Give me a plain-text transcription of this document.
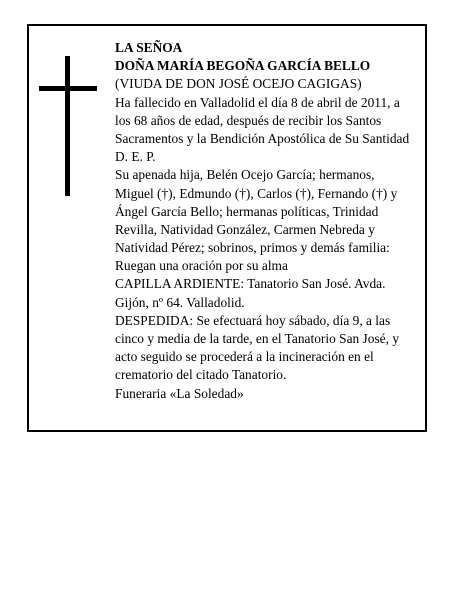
LA SEÑOA
DOÑA MARÍA BEGOÑA GARCÍA BELLO
(VIUDA DE DON JOSÉ OCEJO CAGIGAS)
Ha fallecido en Valladolid el día 8 de abril de 2011, a
los 68 años de edad, después de recibir los Santos
Sacramentos y la Bendición Apostólica de Su Santidad
D. E. P.
Su apenada hija, Belén Ocejo García; hermanos,
Miguel (†), Edmundo (†), Carlos (†), Fernando (†) y
Ángel García Bello; hermanas políticas, Trinidad
Revilla, Natividad González, Carmen Nebreda y
Natividad Pérez; sobrinos, primos y demás familia:
Ruegan una oración por su alma
CAPILLA ARDIENTE: Tanatorio San José. Avda.
Gijón, nº 64. Valladolid.
DESPEDIDA: Se efectuará hoy sábado, día 9, a las
cinco y media de la tarde, en el Tanatorio San José, y
acto seguido se procederá a la incineración en el
crematorio del citado Tanatorio.
Funeraria «La Soledad»
